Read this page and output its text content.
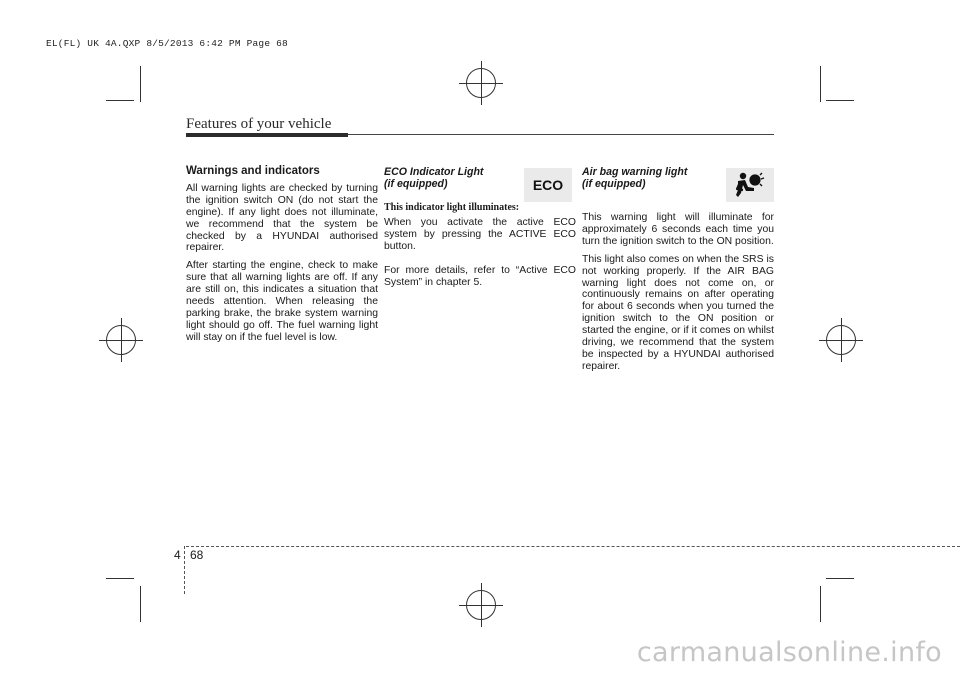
EL(FL) UK 4A.QXP 8/5/2013 6:42 PM Page 68
Features of your vehicle
Warnings and indicators

All warning lights are checked by turning the ignition switch ON (do not start the engine). If any light does not illuminate, we recommend that the system be checked by a HYUNDAI authorised repairer.

After starting the engine, check to make sure that all warning lights are off. If any are still on, this indicates a situation that needs attention. When releasing the parking brake, the brake system warning light should go off. The fuel warning light will stay on if the fuel level is low.

ECO Indicator Light
(if equipped)
This indicator light illuminates:

When you activate the active ECO system by pressing the ACTIVE ECO button.

For more details, refer to “Active ECO System” in chapter 5.

ECO
Air bag warning light
(if equipped)

This warning light will illuminate for approximately 6 seconds each time you turn the ignition switch to the ON position.

This light also comes on when the SRS is not working properly. If the AIR BAG warning light does not come on, or continuously remains on after operating for about 6 seconds when you turned the ignition switch to the ON position or started the engine, or if it comes on whilst driving, we recommend that the system be inspected by a HYUNDAI authorised repairer.

4 68
carmanualsonline.info
